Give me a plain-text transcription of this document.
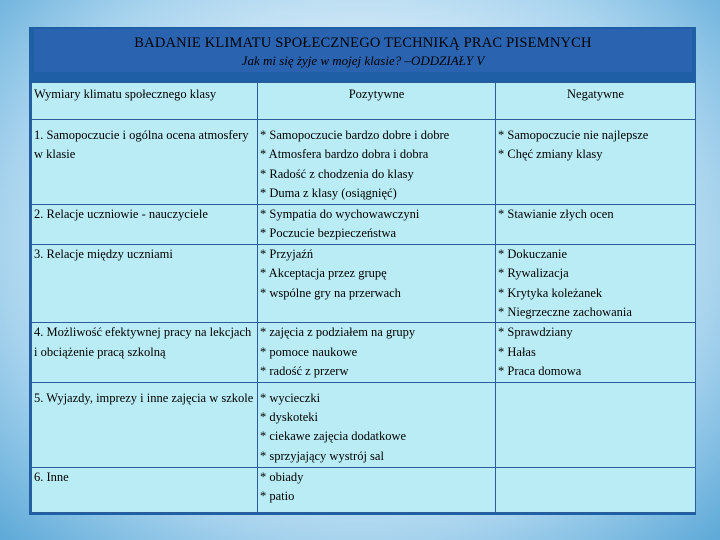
BADANIE KLIMATU SPOŁECZNEGO TECHNIKĄ PRAC PISEMNYCH
Jak mi się żyje w mojej klasie? –ODDZIAŁY V
Wymiary klimatu społecznego klasy	Pozytywne	Negatywne
1. Samopoczucie i ogólna ocena atmosfery w klasie	* Samopoczucie bardzo dobre i dobre
* Atmosfera bardzo dobra i dobra
* Radość z chodzenia do klasy
* Duma z klasy (osiągnięć)	* Samopoczucie nie najlepsze
* Chęć zmiany klasy

2. Relacje uczniowie - nauczyciele	* Sympatia do wychowawczyni
* Poczucie bezpieczeństwa	* Stawianie złych ocen

3. Relacje między uczniami	* Przyjaźń
* Akceptacja przez grupę
* wspólne gry na przerwach	* Dokuczanie
* Rywalizacja
* Krytyka koleżanek
* Niegrzeczne zachowania

4. Możliwość efektywnej pracy na lekcjach i obciążenie pracą szkolną	* zajęcia z podziałem na grupy
* pomoce naukowe
* radość z przerw	* Sprawdziany
* Hałas
* Praca domowa

5. Wyjazdy, imprezy i inne zajęcia w szkole	* wycieczki
* dyskoteki
* ciekawe zajęcia dodatkowe
* sprzyjający wystrój sal	

6. Inne	* obiady
* patio	
